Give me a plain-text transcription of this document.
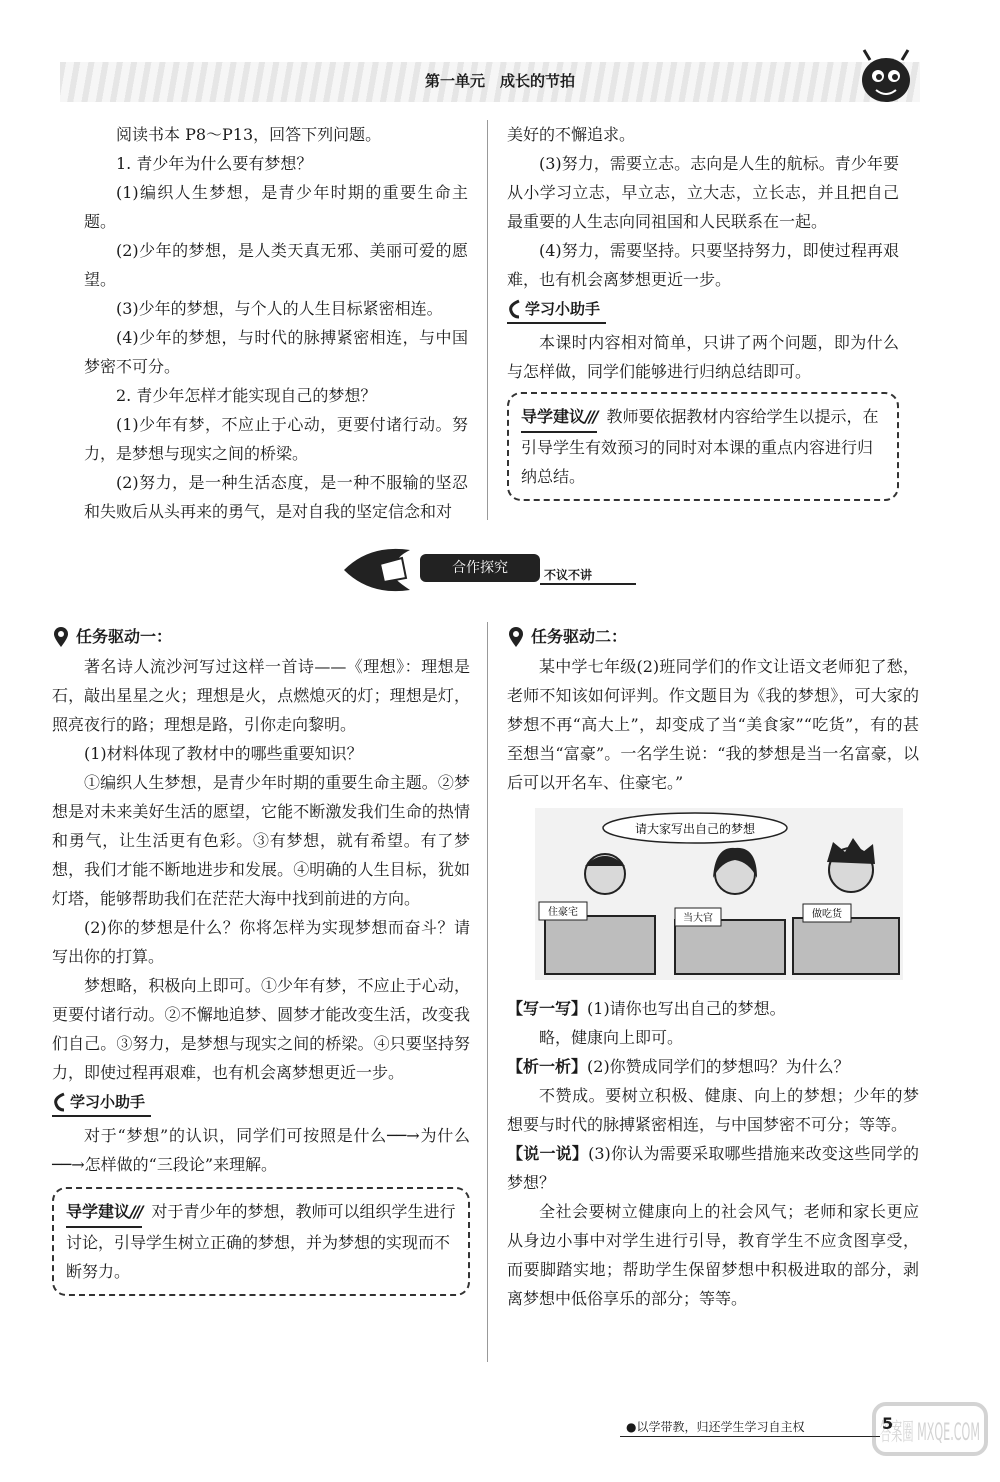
第一单元　成长的节拍

阅读书本 P8～P13，回答下列问题。

1. 青少年为什么要有梦想？

(1)编织人生梦想，是青少年时期的重要生命主题。

(2)少年的梦想，是人类天真无邪、美丽可爱的愿望。

(3)少年的梦想，与个人的人生目标紧密相连。

(4)少年的梦想，与时代的脉搏紧密相连，与中国梦密不可分。

2. 青少年怎样才能实现自己的梦想？

(1)少年有梦，不应止于心动，更要付诸行动。努力，是梦想与现实之间的桥梁。

(2)努力，是一种生活态度，是一种不服输的坚忍和失败后从头再来的勇气，是对自我的坚定信念和对

美好的不懈追求。

(3)努力，需要立志。志向是人生的航标。青少年要从小学习立志，早立志，立大志，立长志，并且把自己最重要的人生志向同祖国和人民联系在一起。

(4)努力，需要坚持。只要坚持努力，即使过程再艰难，也有机会离梦想更近一步。

学习小助手

本课时内容相对简单，只讲了两个问题，即为什么与怎样做，同学们能够进行归纳总结即可。

导学建议/// 教师要依据教材内容给学生以提示，在引导学生有效预习的同时对本课的重点内容进行归纳总结。
合作探究	不议不讲
任务驱动一：

著名诗人流沙河写过这样一首诗——《理想》：理想是石，敲出星星之火；理想是火，点燃熄灭的灯；理想是灯，照亮夜行的路；理想是路，引你走向黎明。

(1)材料体现了教材中的哪些重要知识？

①编织人生梦想，是青少年时期的重要生命主题。②梦想是对未来美好生活的愿望，它能不断激发我们生命的热情和勇气，让生活更有色彩。③有梦想，就有希望。有了梦想，我们才能不断地进步和发展。④明确的人生目标，犹如灯塔，能够帮助我们在茫茫大海中找到前进的方向。

(2)你的梦想是什么？你将怎样为实现梦想而奋斗？请写出你的打算。

梦想略，积极向上即可。①少年有梦，不应止于心动，更要付诸行动。②不懈地追梦、圆梦才能改变生活，改变我们自己。③努力，是梦想与现实之间的桥梁。④只要坚持努力，即使过程再艰难，也有机会离梦想更近一步。

学习小助手

对于“梦想”的认识，同学们可按照是什么──→为什么──→怎样做的“三段论”来理解。

导学建议/// 对于青少年的梦想，教师可以组织学生进行讨论，引导学生树立正确的梦想，并为梦想的实现而不断努力。
任务驱动二：

某中学七年级(2)班同学们的作文让语文老师犯了愁，老师不知该如何评判。作文题目为《我的梦想》，可大家的梦想不再“高大上”，却变成了当“美食家”“吃货”，有的甚至想当“富豪”。一名学生说：“我的梦想是当一名富豪，以后可以开名车、住豪宅。”

请大家写出自己的梦想
住豪宅
当大官	做吃货

【写一写】(1)请你也写出自己的梦想。

略，健康向上即可。

【析一析】(2)你赞成同学们的梦想吗？为什么？

不赞成。要树立积极、健康、向上的梦想；少年的梦想要与时代的脉搏紧密相连，与中国梦密不可分；等等。

【说一说】(3)你认为需要采取哪些措施来改变这些同学的梦想？

全社会要树立健康向上的社会风气；老师和家长更应从身边小事中对学生进行引导，教育学生不应贪图享受，而要脚踏实地；帮助学生保留梦想中积极进取的部分，剥离梦想中低俗享乐的部分；等等。

●以学带教，归还学生学习自主权	5
答案圈 MXQE.COM
